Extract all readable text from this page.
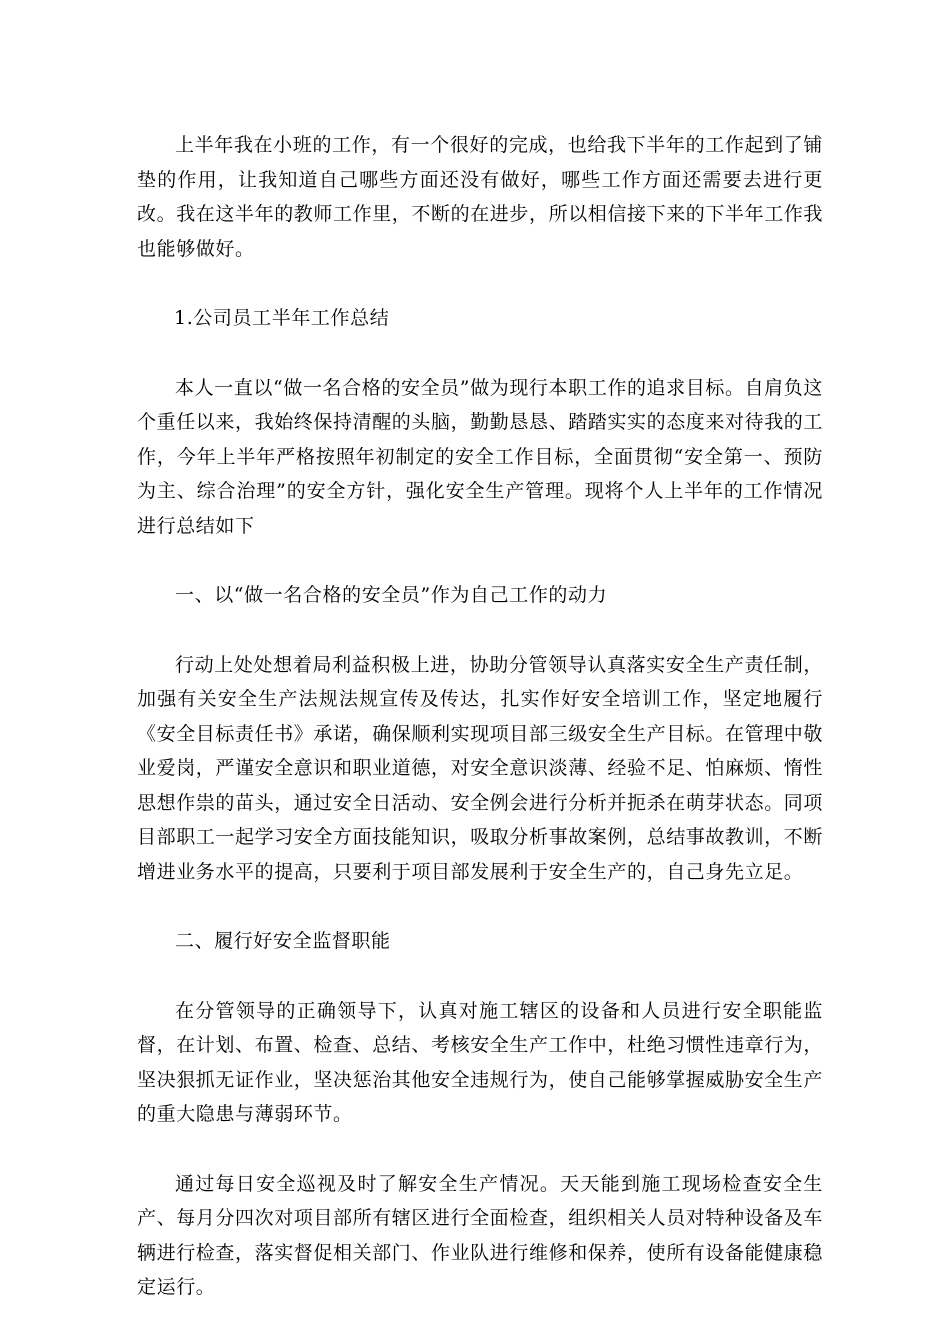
上半年我在小班的工作，有一个很好的完成，也给我下半年的工作起到了铺垫的作用，让我知道自己哪些方面还没有做好，哪些工作方面还需要去进行更改。我在这半年的教师工作里，不断的在进步，所以相信接下来的下半年工作我也能够做好。

1.公司员工半年工作总结

本人一直以“做一名合格的安全员”做为现行本职工作的追求目标。自肩负这个重任以来，我始终保持清醒的头脑，勤勤恳恳、踏踏实实的态度来对待我的工作，今年上半年严格按照年初制定的安全工作目标，全面贯彻“安全第一、预防为主、综合治理”的安全方针，强化安全生产管理。现将个人上半年的工作情况进行总结如下

一、以“做一名合格的安全员”作为自己工作的动力

行动上处处想着局利益积极上进，协助分管领导认真落实安全生产责任制，加强有关安全生产法规法规宣传及传达，扎实作好安全培训工作，坚定地履行《安全目标责任书》承诺，确保顺利实现项目部三级安全生产目标。在管理中敬业爱岗，严谨安全意识和职业道德，对安全意识淡薄、经验不足、怕麻烦、惰性思想作祟的苗头，通过安全日活动、安全例会进行分析并扼杀在萌芽状态。同项目部职工一起学习安全方面技能知识，吸取分析事故案例，总结事故教训，不断增进业务水平的提高，只要利于项目部发展利于安全生产的，自己身先立足。

二、履行好安全监督职能

在分管领导的正确领导下，认真对施工辖区的设备和人员进行安全职能监督，在计划、布置、检查、总结、考核安全生产工作中，杜绝习惯性违章行为，坚决狠抓无证作业，坚决惩治其他安全违规行为，使自己能够掌握威胁安全生产的重大隐患与薄弱环节。

通过每日安全巡视及时了解安全生产情况。天天能到施工现场检查安全生产、每月分四次对项目部所有辖区进行全面检查，组织相关人员对特种设备及车辆进行检查，落实督促相关部门、作业队进行维修和保养，使所有设备能健康稳定运行。
